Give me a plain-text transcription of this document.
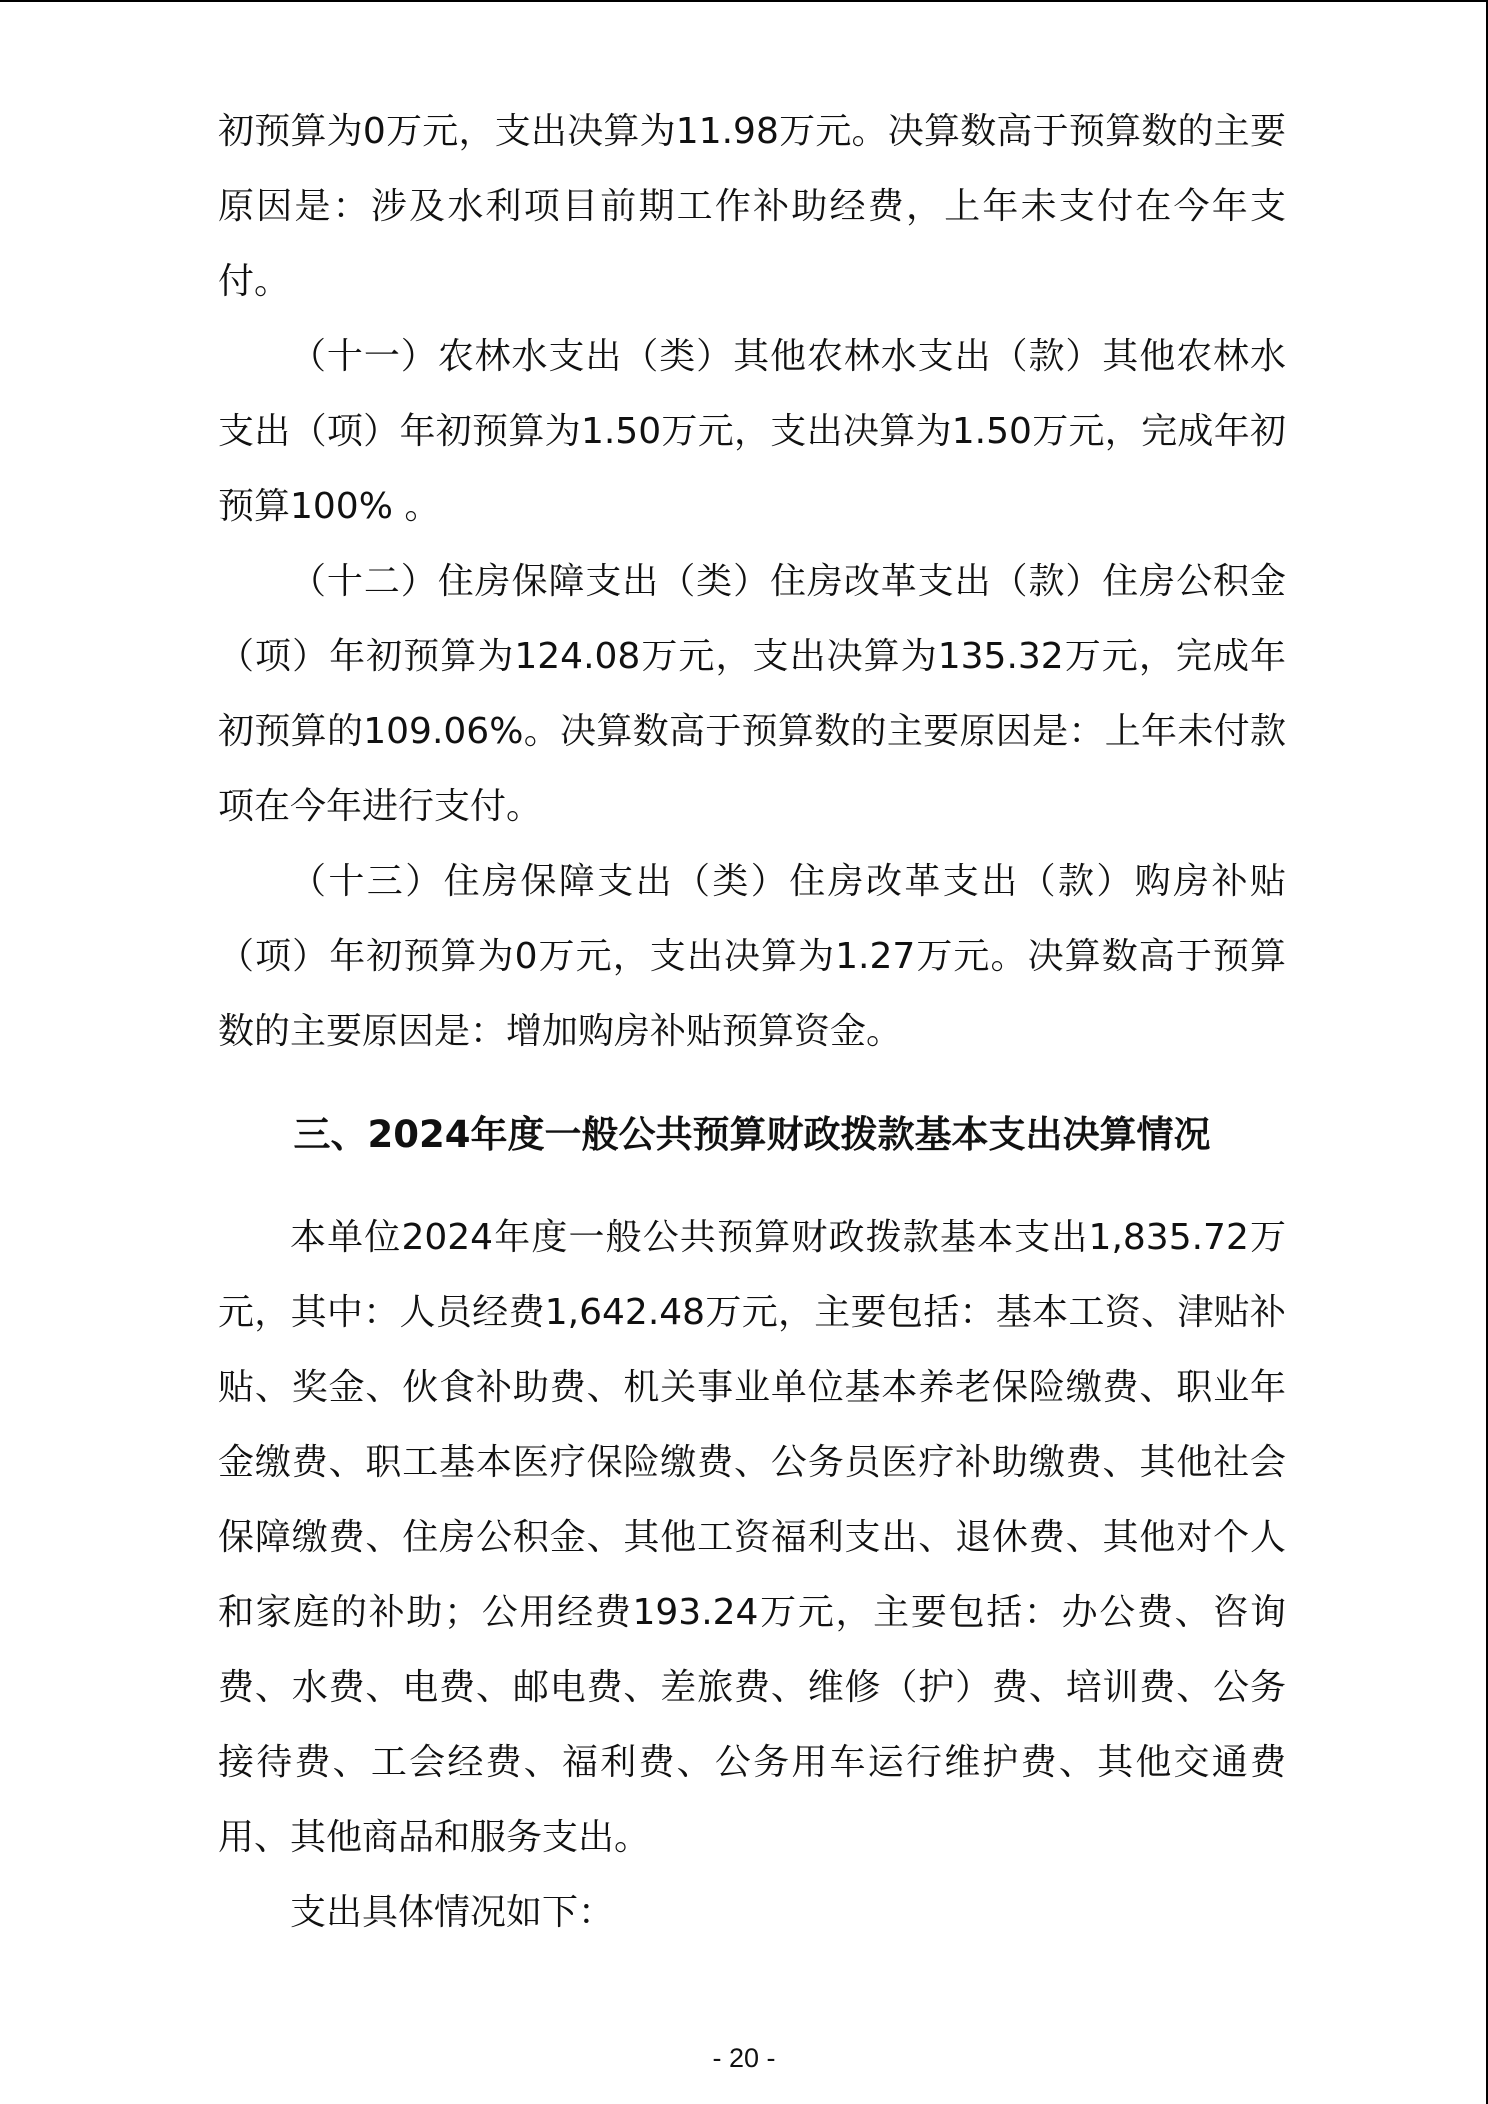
初预算为0万元，支出决算为11.98万元。决算数高于预算数的主要原因是：涉及水利项目前期工作补助经费，上年未支付在今年支付。

（十一）农林水支出（类）其他农林水支出（款）其他农林水支出（项）年初预算为1.50万元，支出决算为1.50万元，完成年初预算100% 。

（十二）住房保障支出（类）住房改革支出（款）住房公积金（项）年初预算为124.08万元，支出决算为135.32万元，完成年初预算的109.06%。决算数高于预算数的主要原因是：上年未付款项在今年进行支付。

（十三）住房保障支出（类）住房改革支出（款）购房补贴（项）年初预算为0万元，支出决算为1.27万元。决算数高于预算数的主要原因是：增加购房补贴预算资金。

三、2024年度一般公共预算财政拨款基本支出决算情况

本单位2024年度一般公共预算财政拨款基本支出1,835.72万元，其中：人员经费1,642.48万元，主要包括：基本工资、津贴补贴、奖金、伙食补助费、机关事业单位基本养老保险缴费、职业年金缴费、职工基本医疗保险缴费、公务员医疗补助缴费、其他社会保障缴费、住房公积金、其他工资福利支出、退休费、其他对个人和家庭的补助；公用经费193.24万元，主要包括：办公费、咨询费、水费、电费、邮电费、差旅费、维修（护）费、培训费、公务接待费、工会经费、福利费、公务用车运行维护费、其他交通费用、其他商品和服务支出。

支出具体情况如下：

- 20 -
